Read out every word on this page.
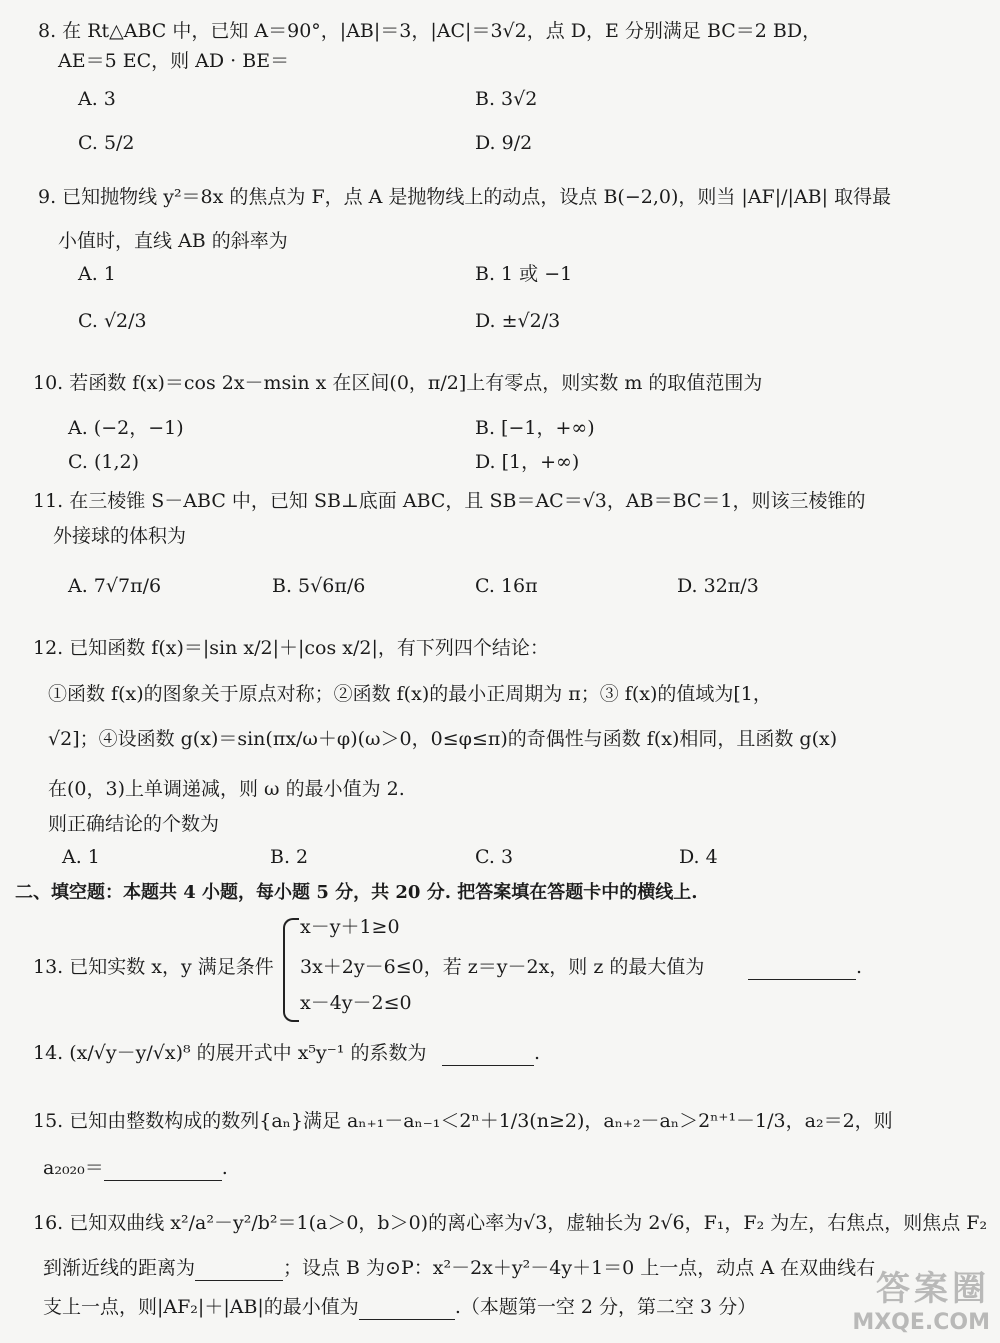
8. 在 Rt△ABC 中，已知 A＝90°，|AB|＝3，|AC|＝3√2，点 D，E 分别满足 BC＝2 BD，
AE＝5 EC，则 AD · BE＝
A. 3	B. 3√2
C. 5/2	D. 9/2
9. 已知抛物线 y²＝8x 的焦点为 F，点 A 是抛物线上的动点，设点 B(−2,0)，则当 |AF|/|AB| 取得最
小值时，直线 AB 的斜率为
A. 1	B. 1 或 −1
C. √2/3	D. ±√2/3
10. 若函数 f(x)＝cos 2x－msin x 在区间(0，π/2]上有零点，则实数 m 的取值范围为
A. (−2，−1)	B. [−1，+∞)
C. (1,2)	D. [1，+∞)
11. 在三棱锥 S－ABC 中，已知 SB⊥底面 ABC，且 SB＝AC＝√3，AB＝BC＝1，则该三棱锥的
外接球的体积为
A. 7√7π/6	B. 5√6π/6	C. 16π	D. 32π/3
12. 已知函数 f(x)＝|sin x/2|＋|cos x/2|，有下列四个结论：
①函数 f(x)的图象关于原点对称；②函数 f(x)的最小正周期为 π；③ f(x)的值域为[1，
√2]；④设函数 g(x)＝sin(πx/ω＋φ)(ω＞0，0≤φ≤π)的奇偶性与函数 f(x)相同，且函数 g(x)
在(0，3)上单调递减，则 ω 的最小值为 2.
则正确结论的个数为
A. 1	B. 2	C. 3	D. 4
二、填空题：本题共 4 小题，每小题 5 分，共 20 分. 把答案填在答题卡中的横线上.
x－y＋1≥0
13. 已知实数 x，y 满足条件 3x＋2y－6≤0，若 z＝y－2x，则 z 的最大值为	.
x－4y－2≤0
14. (x/√y－y/√x)⁸ 的展开式中 x⁵y⁻¹ 的系数为	.
15. 已知由整数构成的数列{aₙ}满足 aₙ₊₁－aₙ₋₁＜2ⁿ＋1/3(n≥2)，aₙ₊₂－aₙ＞2ⁿ⁺¹－1/3，a₂＝2，则
a₂₀₂₀＝	.
16. 已知双曲线 x²/a²－y²/b²＝1(a＞0，b＞0)的离心率为√3，虚轴长为 2√6，F₁，F₂ 为左，右焦点，则焦点 F₂
到渐近线的距离为	；设点 B 为⊙P：x²－2x＋y²－4y＋1＝0 上一点，动点 A 在双曲线右
支上一点，则|AF₂|＋|AB|的最小值为	.（本题第一空 2 分，第二空 3 分）	答案圈
MXQE.COM
